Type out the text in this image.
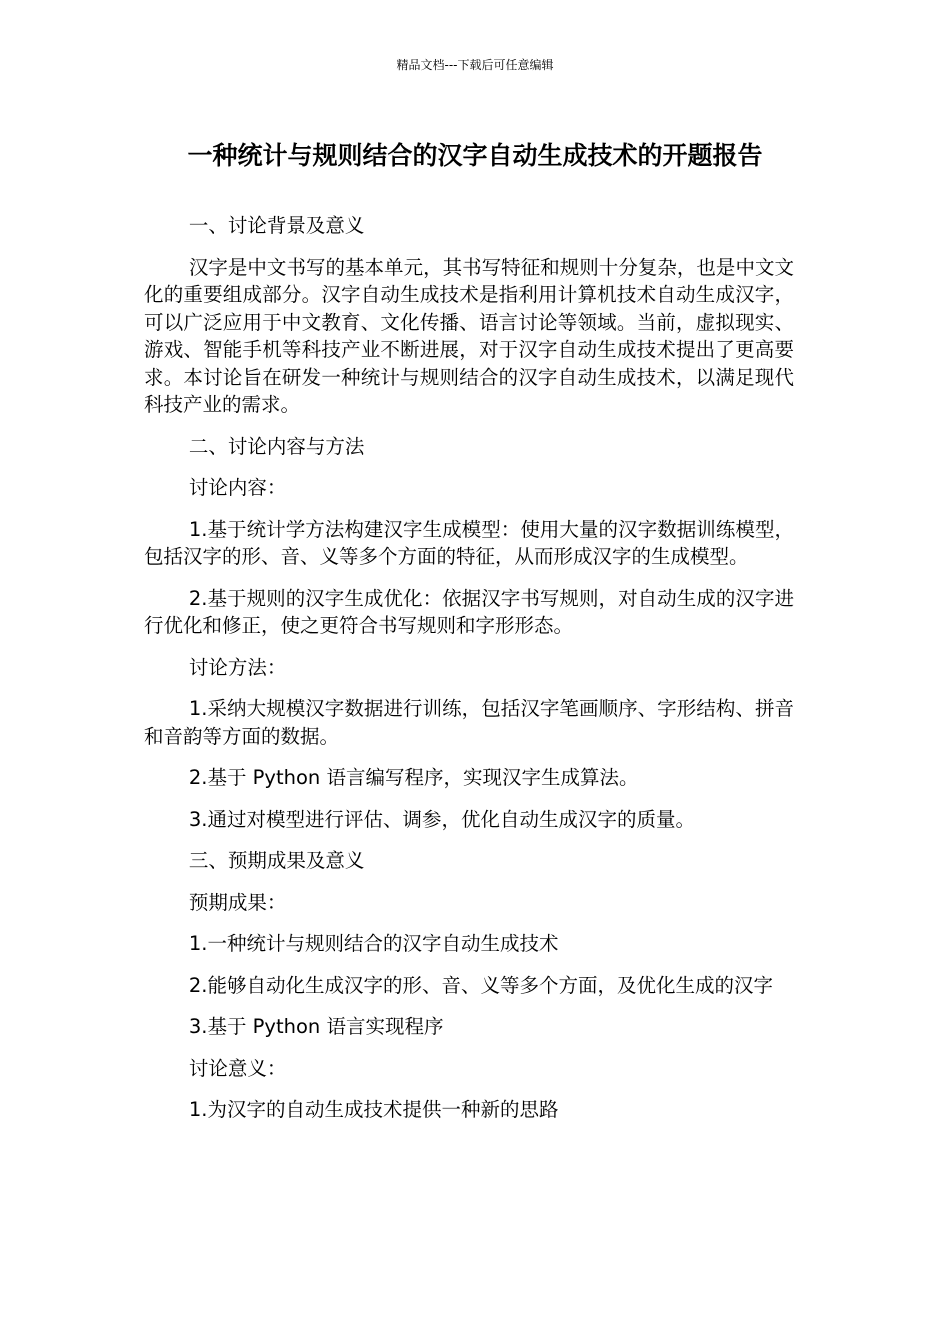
精品文档---下载后可任意编辑
一种统计与规则结合的汉字自动生成技术的开题报告

一、讨论背景及意义

汉字是中文书写的基本单元，其书写特征和规则十分复杂，也是中文文化的重要组成部分。汉字自动生成技术是指利用计算机技术自动生成汉字，可以广泛应用于中文教育、文化传播、语言讨论等领域。当前，虚拟现实、游戏、智能手机等科技产业不断进展，对于汉字自动生成技术提出了更高要求。本讨论旨在研发一种统计与规则结合的汉字自动生成技术，以满足现代科技产业的需求。

二、讨论内容与方法

讨论内容：

1.基于统计学方法构建汉字生成模型：使用大量的汉字数据训练模型，包括汉字的形、音、义等多个方面的特征，从而形成汉字的生成模型。

2.基于规则的汉字生成优化：依据汉字书写规则，对自动生成的汉字进行优化和修正，使之更符合书写规则和字形形态。

讨论方法：

1.采纳大规模汉字数据进行训练，包括汉字笔画顺序、字形结构、拼音和音韵等方面的数据。

2.基于 Python 语言编写程序，实现汉字生成算法。

3.通过对模型进行评估、调参，优化自动生成汉字的质量。

三、预期成果及意义

预期成果：

1.一种统计与规则结合的汉字自动生成技术

2.能够自动化生成汉字的形、音、义等多个方面，及优化生成的汉字

3.基于 Python 语言实现程序

讨论意义：

1.为汉字的自动生成技术提供一种新的思路
